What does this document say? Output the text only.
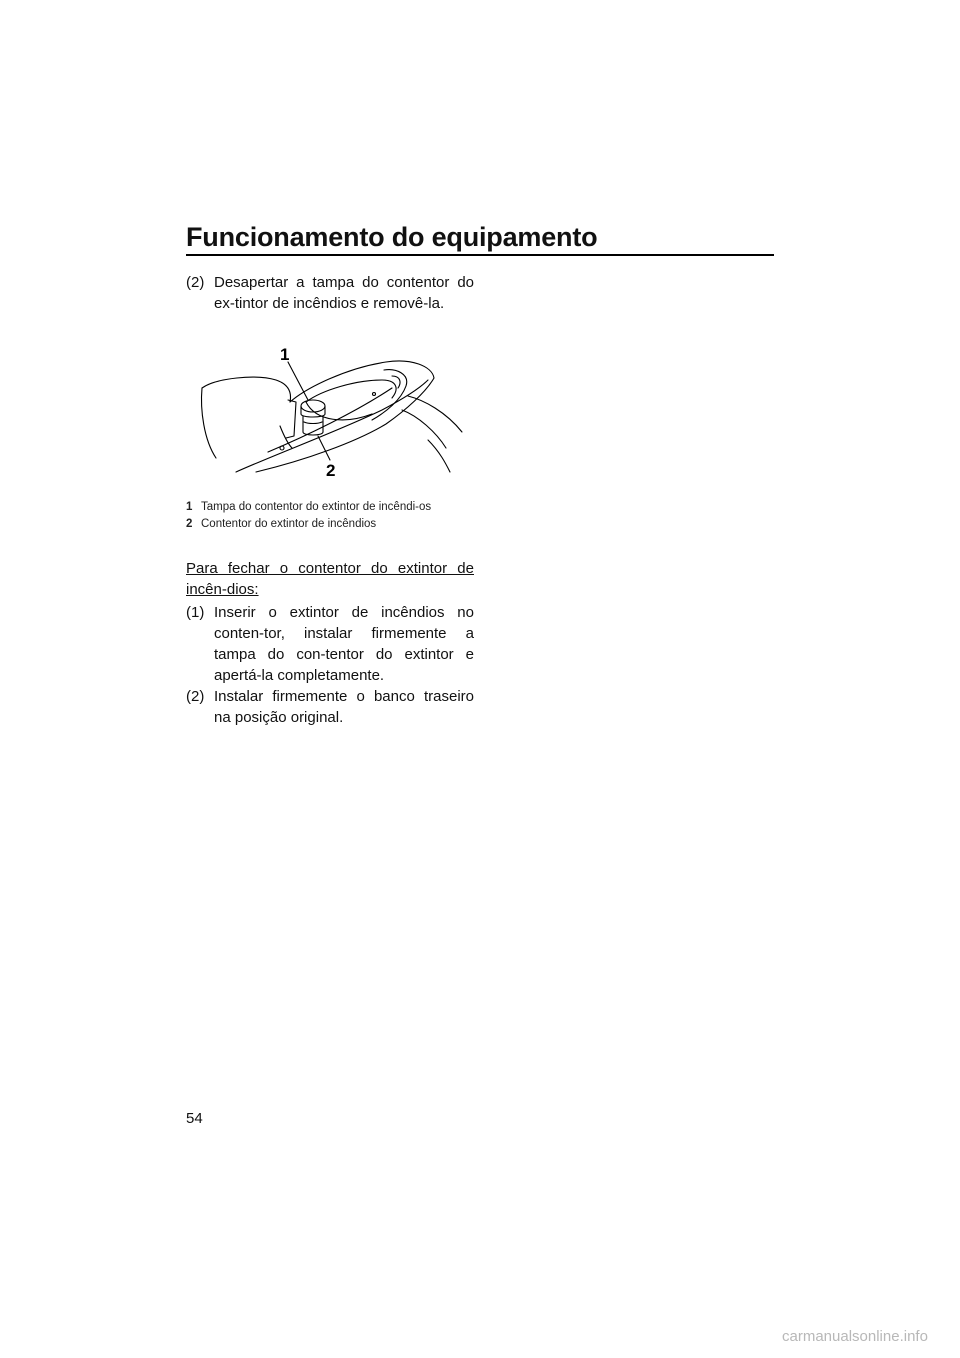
Funcionamento do equipamento
(2) Desapertar a tampa do contentor do ex-tintor de incêndios e removê-la.
1
2
1 Tampa do contentor do extintor de incêndi-os
2 Contentor do extintor de incêndios
Para fechar o contentor do extintor de incên-dios:
(1) Inserir o extintor de incêndios no conten-tor, instalar firmemente a tampa do con-tentor do extintor e apertá-la completamente.
(2) Instalar firmemente o banco traseiro na posição original.
54
carmanualsonline.info
